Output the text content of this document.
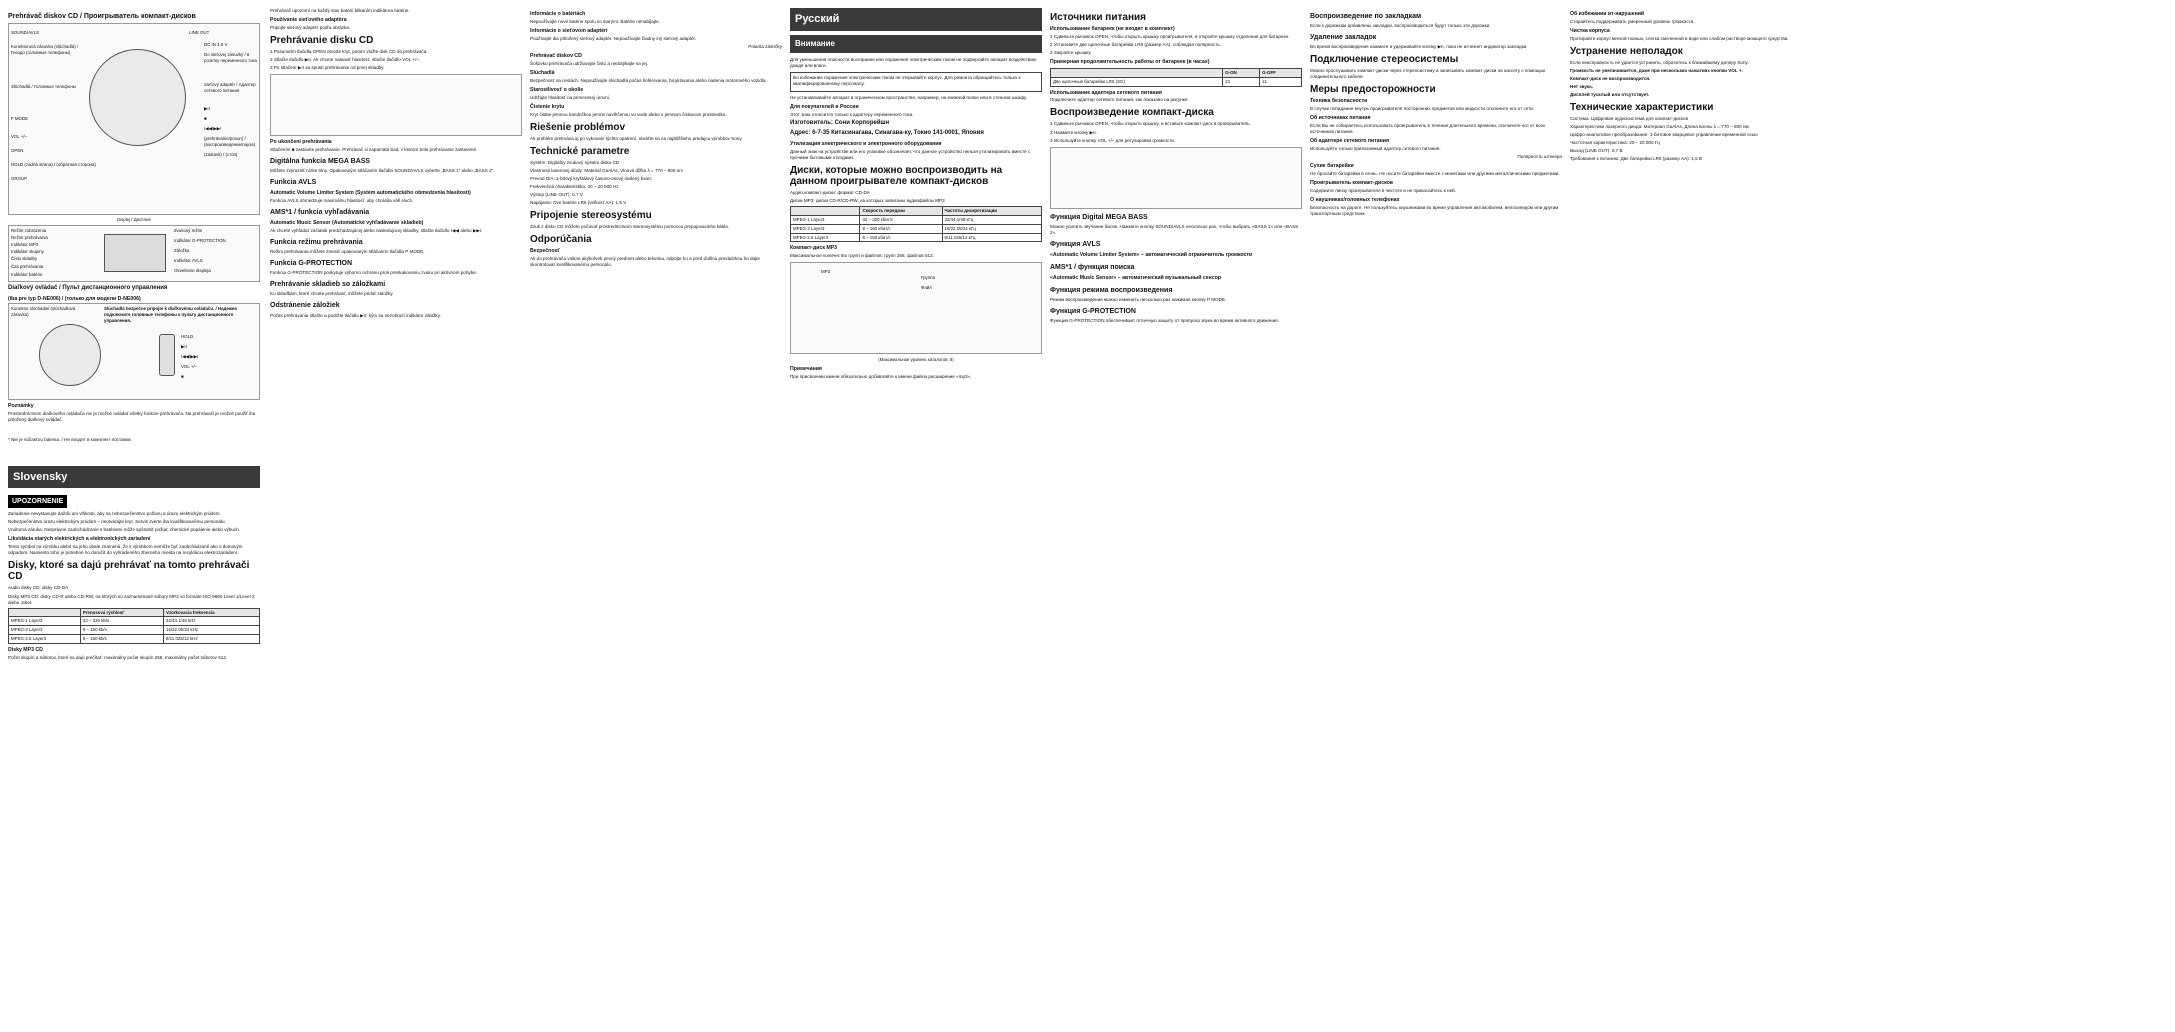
Prehrávač diskov CD / Проигрыватель компакт-дисков
SOUND/AVLS
Konektorová zásuvka (slúchadlá) / Гнездо (головные телефоны)
Slúchadlá / Головные телефоны
F MODE
VOL +/–
OPEN
HOLD (zadná strana) / (обратная сторона)
GROUP
LINE OUT
DC IN 4.5 V
Do sieťovej zásuvky / в розетку переменного тока
Sieťový adaptér / Адаптер сетевого питания
▶II
■
I◀◀/▶▶I
(prehrávanie/posun) / (воспроизведение/пауза)
(zastavit) / (стоп)
Displej / Дисплей
Režim zobrazenia
Režim prehrávania
Indikátor MP3
Indikátor skupiny
Číslo skladby
Čas prehrávania
Indikátor batérie
Zvukový režim
Indikátor G-PROTECTION
Záložka
Indikátor AVLS
Osvetlenie displeja
Diaľkový ovládač / Пульт дистанционного управления
(iba pre typ D-NE006) / (только для модели D-NE006)
Konektor slúchadiel (slúchadlová zásuvka)
HOLD
▶II
I◀◀/▶▶I
VOL +/–
■
Slúchadlá bezpečne pripojte k diaľkovému ovládaču. / Надежно подключите головные телефоны к пульту дистанционного управления.
Poznámky

Prostredníctvom diaľkového ovládača nie je možné ovládať všetky funkcie prehrávača. Na prehrávači je možné použiť iba priložený diaľkový ovládač.

* Nie je súčasťou balenia. / Не входят в комплект поставки.

Slovensky
UPOZORNENIE

Zariadenie nevystavujte dažďu ani vlhkosti, aby sa nebezpečenstvo požiaru a úrazu elektrickým prúdom.

Nebezpečenstvo úrazu elektrickým prúdom – neotvárajte kryt. Servis zverte iba kvalifikovanému personálu.

Vnútorná záruka. Nesprávne zaobchádzanie s batériami môže spôsobiť požiar, chemické popálenie alebo výbuch.

Likvidácia starých elektrických a elektronických zariadení

Tento symbol na výrobku alebo na jeho obale znamená, že s výrobkom nemôže byť zaobchádzané ako s domovým odpadom. Namiesto toho je potrebné ho doručiť do vyhradeného zberného miesta na recykláciu elektrozariadení.

Disky, ktoré sa dajú prehrávať na tomto prehrávači CD

Audio disky CD: disky CD-DA

Disky MP3 CD: disky CD-R alebo CD-RW, na ktorých sú zaznamenané súbory MP3 vo formáte ISO 9660 Level 1/Level 2 alebo Joliet.

	Prenosová rýchlosť	Vzorkovacia frekvencia
MPEG-1 Layer3	32 – 320 kb/s	32/44.1/48 kHz
MPEG-2 Layer3	8 – 160 kb/s	16/22.05/24 kHz
MPEG-2.5 Layer3	8 – 160 kb/s	8/11.025/12 kHz
Disky MP3 CD

Počet skupín a súborov, ktoré sa dajú prečítať: maximálny počet skupín 256, maximálny počet súborov 512.

Prehrávač upozorní na každý stav batérií blikaním indikátora batérie.

Používanie sieťového adaptéra

Pripojte sieťový adaptér podľa obrázka.

Prehrávanie disku CD

1 Posunutím tlačidla OPEN otvorte kryt, potom vložte disk CD do prehrávača.

2 Stlačte tlačidlo ▶II. Ak chcete nastaviť hlasitosť, stlačte tlačidlo VOL +/–.

3 Po stlačení ▶II sa spustí prehrávanie od prvej skladby.

Po ukončení prehrávania

Stlačením ■ zastavíte prehrávanie. Prehrávač si zapamätá bod, v ktorom bolo prehrávanie zastavené.

Digitálna funkcia MEGA BASS

Môžete zvýrazniť nízke tóny. Opakovaným stláčaním tlačidla SOUND/AVLS vyberte „BASS 1“ alebo „BASS 2“.

Funkcia AVLS
Automatic Volume Limiter System (Systém automatického obmedzenia hlasitosti)

Funkcia AVLS obmedzuje maximálnu hlasitosť, aby chránila váš sluch.

AMS*1 / funkcia vyhľadávania
Automatic Music Sensor (Automatické vyhľadávanie skladieb)

Ak chcete vyhľadať začiatok predchádzajúcej alebo nasledujúcej skladby, stlačte tlačidlo I◀◀ alebo ▶▶I.

Funkcia režimu prehrávania

Režim prehrávania môžete zmeniť opakovaným stláčaním tlačidla P MODE.

Funkcia G-PROTECTION

Funkcia G-PROTECTION poskytuje výbornú ochranu proti preskakovaniu zvuku pri aktívnom pohybe.

Prehrávanie skladieb so záložkami

Ku skladbám, ktoré chcete prehrávať, môžete pridať záložky.

Odstránenie záložiek

Počas prehrávania stlačte a podržte tlačidlo ▶II, kým sa nezobrazí indikátor záložky.

Informácie o batériách

Nepoužívajte nové batérie spolu so starými. Batérie nenabíjajte.

Informácie o sieťovom adaptéri

Používajte iba priložený sieťový adaptér. Nepoužívajte žiadny iný sieťový adaptér.

Polarita zástrčky

Prehrávač diskov CD

Šošovku prehrávača udržiavajte čistú a nedotýkajte sa jej.

Slúchadlá

Bezpečnosť na cestách. Nepoužívajte slúchadlá počas šoférovania, bicyklovania alebo riadenia motorového vozidla.

Starostlivosť o okolie

Udržujte hlasitosť na primeranej úrovni.

Čistenie krytu

Kryt čistite jemnou handričkou jemne navlhčenou vo vode alebo v jemnom čistiacom prostriedku.

Riešenie problémov

Ak problém pretrváva aj po vykonaní týchto opatrení, obráťte sa na najbližšieho predajcu výrobkov Sony.

Technické parametre

Systém: Digitálny zvukový systém disku CD

Vlastnosti laserovej diódy: Materiál GaAlAs, Vlnová dĺžka λ = 770 – 800 nm

Prevod D/A: 1-bitový kryštálový časovo-osový riadený kvarc

Frekvenčná charakteristika: 20 – 20 000 Hz

Výstup (LINE OUT): 0,7 V

Napájanie: Dve batérie LR6 (veľkosť AA): 1,5 V

Pripojenie stereosystému

Zvuk z disku CD môžete počúvať prostredníctvom stereosystému pomocou prepojovacieho kábla.

Odporúčania
Bezpečnosť

Ak do prehrávača vnikne akýkoľvek pevný predmet alebo tekutina, odpojte ho a pred ďalšou prevádzkou ho dajte skontrolovať kvalifikovanému personálu.

Русский
Внимание

Для уменьшения опасности возгорания или поражения электрическим током не подвергайте аппарат воздействию дождя или влаги.

Во избежание поражения электрическим током не открывайте корпус. Для ремонта обращайтесь только к квалифицированному персоналу.

Не устанавливайте аппарат в ограниченном пространстве, например, на книжной полке или в стенном шкафу.

Для покупателей в России

Этот знак относится только к адаптеру переменного тока.

Изготовитель: Сони Корпорейшн

Адрес: 6-7-35 Китасинагава, Синагава-ку, Токио 141-0001, Япония

Утилизация электрического и электронного оборудования

Данный знак на устройстве или его упаковке обозначает, что данное устройство нельзя утилизировать вместе с прочими бытовыми отходами.

Диски, которые можно воспроизводить на данном проигрывателе компакт-дисков

Аудио компакт-диски: формат CD-DA

Диски MP3: диски CD-R/CD-RW, на которых записаны аудиофайлы MP3

	Скорость передачи	Частоты дискретизации
MPEG-1 Layer3	32 – 320 кбит/с	32/44,1/48 кГц
MPEG-2 Layer3	8 – 160 кбит/с	16/22,05/24 кГц
MPEG-2.5 Layer3	8 – 160 кбит/с	8/11,025/12 кГц
Компакт-диск MP3

Максимальное количество групп и файлов: групп 256, файлов 512.

MP3
Группа
Файл
(Максимальная уровень каталогов: 8)
Примечания

При присвоении имени обязательно добавляйте к имени файла расширение «mp3».

Источники питания
Использование батареек (не входят в комплект)

1 Сдвиньте рычажок OPEN, чтобы открыть крышку проигрывателя, и откройте крышку отделения для батареек.

2 Установите две щелочные батарейки LR6 (размер AA), соблюдая полярность.

3 Закройте крышку.

Примерная продолжительность работы от батареек (в часах)
	G-ON	G-OFF
Две щелочные батарейки LR6 (SG)	21	21
Использование адаптера сетевого питания

Подключите адаптер сетевого питания, как показано на рисунке.

Воспроизведение компакт-диска

1 Сдвиньте рычажок OPEN, чтобы открыть крышку, и вставьте компакт-диск в проигрыватель.

2 Нажмите кнопку ▶II.

3 Используйте кнопку VOL +/– для регулировки громкости.

Функция Digital MEGA BASS

Можно усилить звучание басов. Нажмите кнопку SOUND/AVLS несколько раз, чтобы выбрать «BASS 1» или «BASS 2».

Функция AVLS
«Automatic Volume Limiter System» – автоматический ограничитель громкости
AMS*1 / функция поиска
«Automatic Music Sensor» – автоматический музыкальный сенсор
Функция режима воспроизведения

Режим воспроизведения можно изменить несколько раз нажимая кнопку P MODE.

Функция G-PROTECTION

Функция G-PROTECTION обеспечивает отличную защиту от пропуска звука во время активного движения.

Воспроизведение по закладкам

Если к дорожкам добавлены закладки, воспроизводиться будут только эти дорожки.

Удаление закладок

Во время воспроизведения нажмите и удерживайте кнопку ▶II, пока не исчезнет индикатор закладки.

Подключение стереосистемы

Можно прослушивать компакт-диски через стереосистему и записывать компакт-диски на кассету с помощью соединительного кабеля.

Меры предосторожности
Техника безопасности

В случае попадания внутрь проигрывателя посторонних предметов или жидкости отключите его от сети.

Об источниках питания

Если Вы не собираетесь использовать проигрыватель в течение длительного времени, отключите его от всех источников питания.

Об адаптере сетевого питания

Используйте только прилагаемый адаптер сетевого питания.

Полярность штекера

Сухие батарейки

Не бросайте батарейки в огонь. Не носите батарейки вместе с монетами или другими металлическими предметами.

Проигрыватель компакт-дисков

Содержите линзу проигрывателя в чистоте и не прикасайтесь к ней.

О наушниках/головных телефонах

Безопасность на дороге. Не пользуйтесь наушниками во время управления автомобилем, велосипедом или другим транспортным средством.

Об избежании ит-нарушений

Старайтесь поддерживать умеренный уровень громкости.

Чистка корпуса

Протирайте корпус мягкой тканью, слегка смоченной в воде или слабом растворе моющего средства.

Устранение неполадок

Если неисправность не удается устранить, обратитесь к ближайшему дилеру Sony.

Громкость не увеличивается, даже при нескольких нажатиях кнопки VOL +.

Компакт-диск не воспроизводится.

Нет звука.

Дисплей тусклый или отсутствует.

Технические характеристики

Система: Цифровая аудиосистема для компакт-дисков

Характеристики лазерного диода: Материал GaAlAs, Длина волны λ = 770 – 800 нм

Цифро-аналоговое преобразование: 1-битовое кварцевое управление временной осью

Частотная характеристика: 20 – 20 000 Гц

Выход (LINE OUT): 0,7 В

Требования к питанию: Две батарейки LR6 (размер AA): 1,5 В
